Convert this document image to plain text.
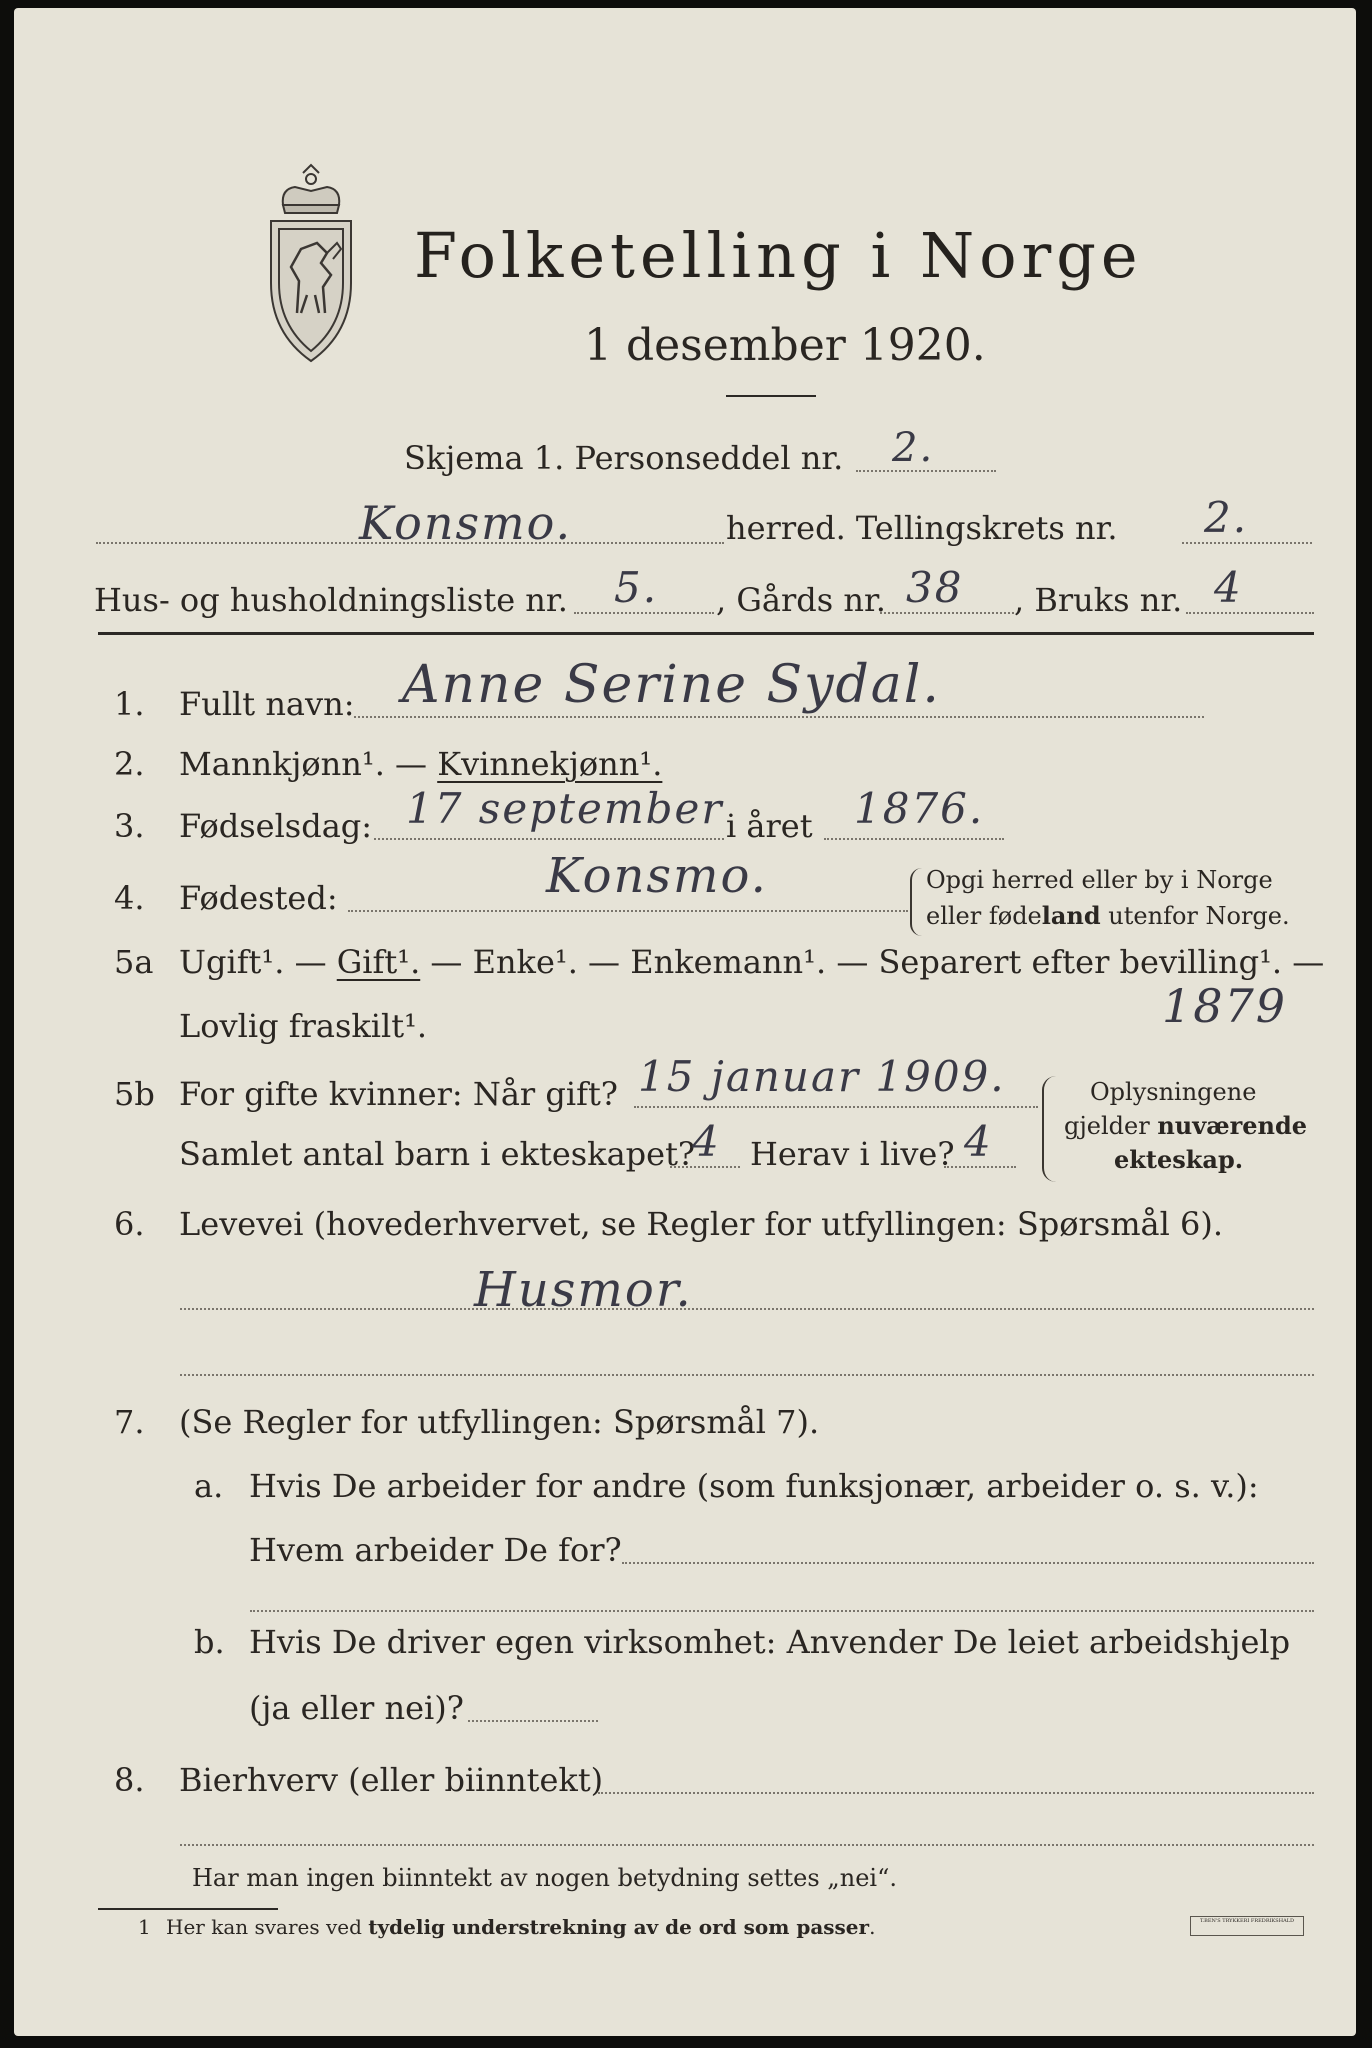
Folketelling i Norge
1 desember 1920.
Skjema 1. Personseddel nr. 2.
Konsmo.	herred. Tellingskrets nr. 2.
Hus- og husholdningsliste nr. 5. , Gårds nr. 38 , Bruks nr. 4
1. Fullt navn: Anne Serine Sydal.
2. Mannkjønn¹. — Kvinnekjønn¹.
3. Fødselsdag: 17 september i året 1876.
4. Fødested:	Konsmo.	Opgi herred eller by i Norge
eller fødeland utenfor Norge.
5a Ugift¹. — Gift¹. — Enke¹. — Enkemann¹. — Separert efter bevilling¹. —
Lovlig fraskilt¹.	1879
5b For gifte kvinner: Når gift? 15 januar 1909.
Samlet antal barn i ekteskapet?
4 Herav i live? 4
Oplysningene
gjelder nuværende
ekteskap.
6. Levevei (hovederhvervet, se Regler for utfyllingen: Spørsmål 6).
Husmor.
7. (Se Regler for utfyllingen: Spørsmål 7).
a. Hvis De arbeider for andre (som funksjonær, arbeider o. s. v.):
Hvem arbeider De for?
b. Hvis De driver egen virksomhet: Anvender De leiet arbeidshjelp
(ja eller nei)?
8. Bierhverv (eller biinntekt)
Har man ingen biinntekt av nogen betydning settes „nei“.
1 Her kan svares ved tydelig understrekning av de ord som passer.	T.BEN'S TRYKKERI FREDRIKSHALD
